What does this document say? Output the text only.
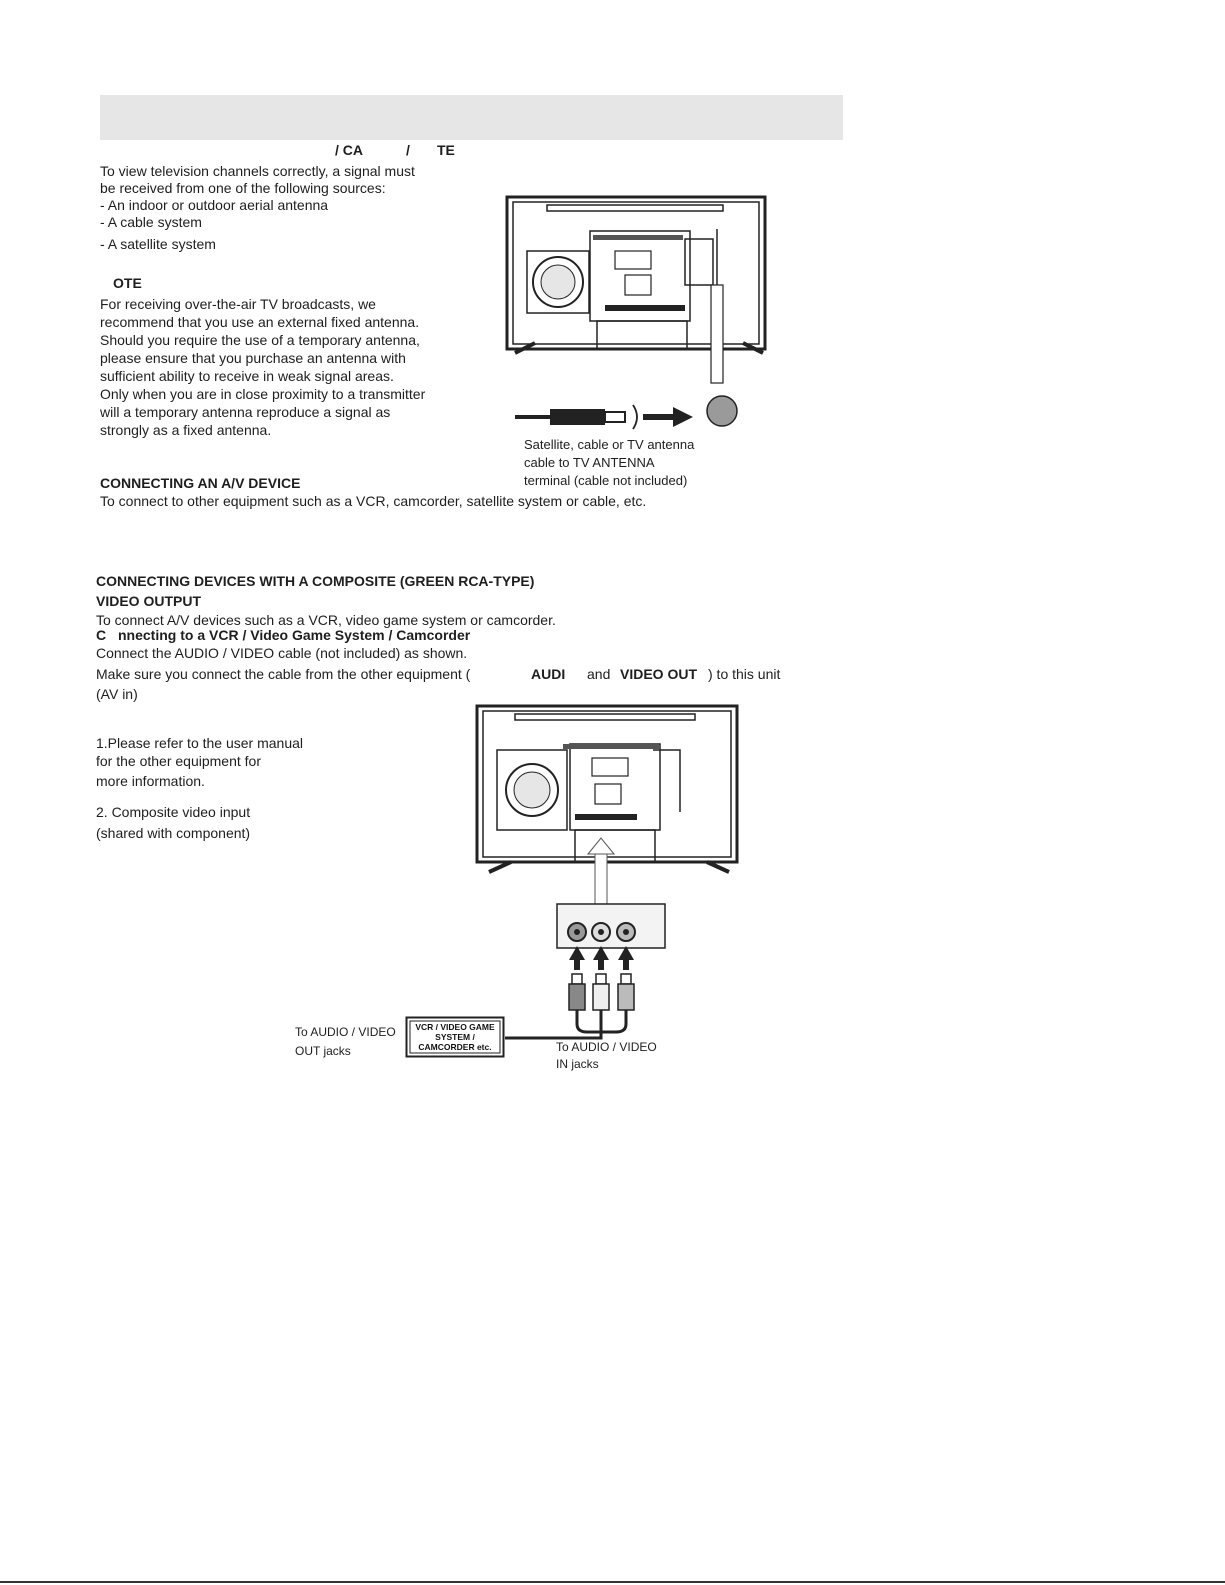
/ CA	/ TE
To view television channels correctly, a signal must
be received from one of the following sources:
- An indoor or outdoor aerial antenna
- A cable system
- A satellite system
OTE
For receiving over-the-air TV broadcasts, we
recommend that you use an external fixed antenna.
Should you require the use of a temporary antenna,
please ensure that you purchase an antenna with
sufficient ability to receive in weak signal areas.
Only when you are in close proximity to a transmitter
will a temporary antenna reproduce a signal as
strongly as a fixed antenna.
Satellite, cable or TV antenna
cable to TV ANTENNA
terminal (cable not included)
CONNECTING AN A/V DEVICE
To connect to other equipment such as a VCR, camcorder, satellite system or cable, etc.
CONNECTING DEVICES WITH A COMPOSITE (GREEN RCA-TYPE)
VIDEO OUTPUT
To connect A/V devices such as a VCR, video game system or camcorder.
C nnecting to a VCR / Video Game System / Camcorder
Connect the AUDIO / VIDEO cable (not included) as shown.
Make sure you connect the cable from the other equipment (	AUDI and VIDEO OUT ) to this unit
(AV in)
1.Please refer to the user manual
for the other equipment for
more information.
2. Composite video input
(shared with component)
VCR / VIDEO GAME
SYSTEM /
CAMCORDER etc.
To AUDIO / VIDEO
OUT jacks	To AUDIO / VIDEO
IN jacks
